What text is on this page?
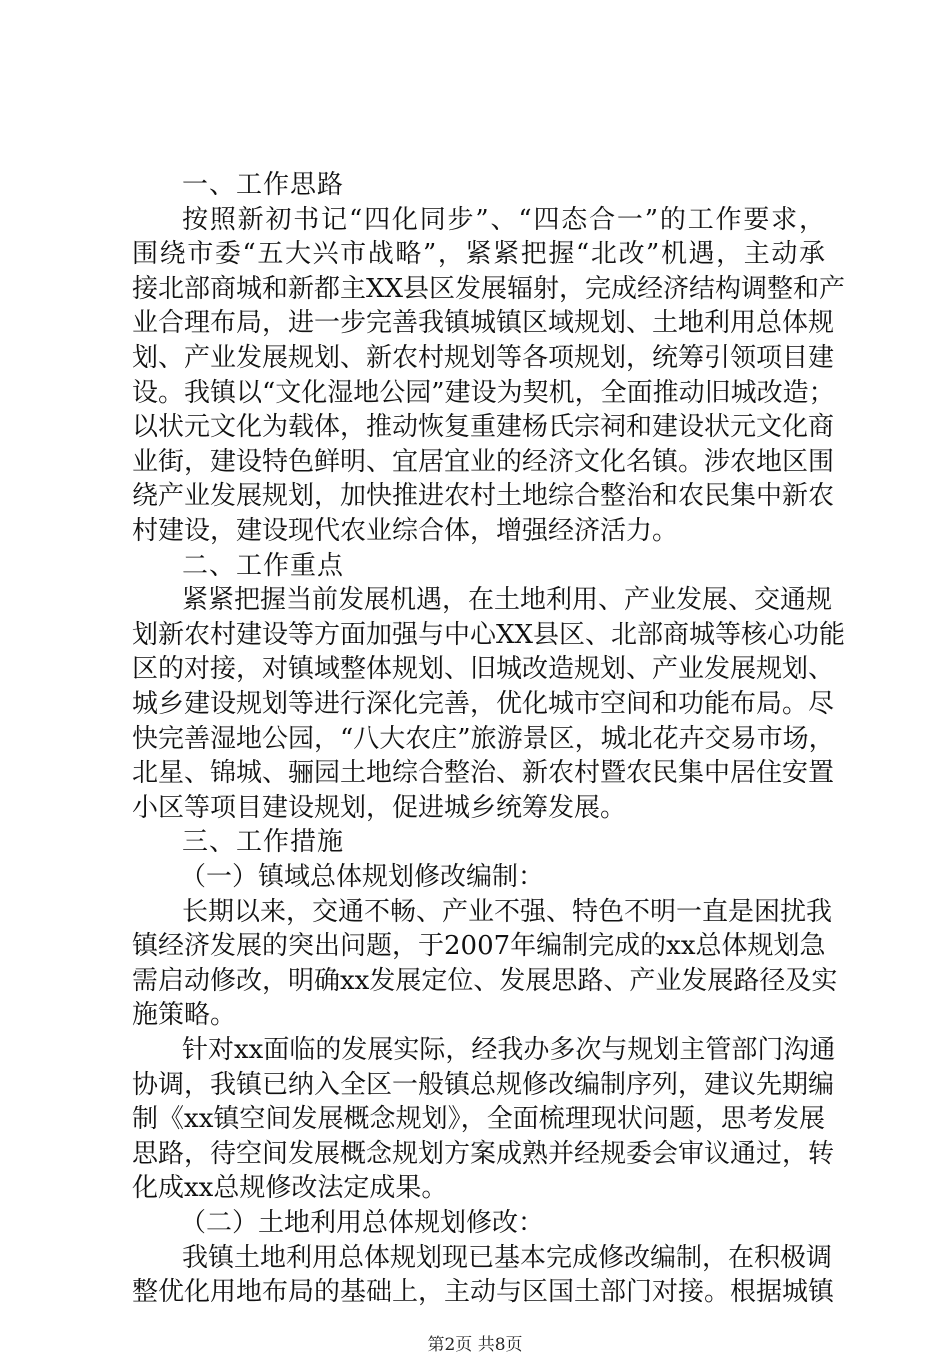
一、工作思路
按照新初书记“四化同步”、“四态合一”的工作要求，
围绕市委“五大兴市战略”，紧紧把握“北改”机遇，主动承
接北部商城和新都主XX县区发展辐射，完成经济结构调整和产
业合理布局，进一步完善我镇城镇区域规划、土地利用总体规
划、产业发展规划、新农村规划等各项规划，统筹引领项目建
设。我镇以“文化湿地公园”建设为契机，全面推动旧城改造；
以状元文化为载体，推动恢复重建杨氏宗祠和建设状元文化商
业街，建设特色鲜明、宜居宜业的经济文化名镇。涉农地区围
绕产业发展规划，加快推进农村土地综合整治和农民集中新农
村建设，建设现代农业综合体，增强经济活力。
二、工作重点
紧紧把握当前发展机遇，在土地利用、产业发展、交通规
划新农村建设等方面加强与中心XX县区、北部商城等核心功能
区的对接，对镇域整体规划、旧城改造规划、产业发展规划、
城乡建设规划等进行深化完善，优化城市空间和功能布局。尽
快完善湿地公园，“八大农庄”旅游景区，城北花卉交易市场，
北星、锦城、骊园土地综合整治、新农村暨农民集中居住安置
小区等项目建设规划，促进城乡统筹发展。
三、工作措施
（一）镇域总体规划修改编制：
长期以来，交通不畅、产业不强、特色不明一直是困扰我
镇经济发展的突出问题，于2007年编制完成的xx总体规划急
需启动修改，明确xx发展定位、发展思路、产业发展路径及实
施策略。
针对xx面临的发展实际，经我办多次与规划主管部门沟通
协调，我镇已纳入全区一般镇总规修改编制序列，建议先期编
制《xx镇空间发展概念规划》，全面梳理现状问题，思考发展
思路，待空间发展概念规划方案成熟并经规委会审议通过，转
化成xx总规修改法定成果。
（二）土地利用总体规划修改：
我镇土地利用总体规划现已基本完成修改编制，在积极调
整优化用地布局的基础上，主动与区国土部门对接。根据城镇
第2页 共8页
